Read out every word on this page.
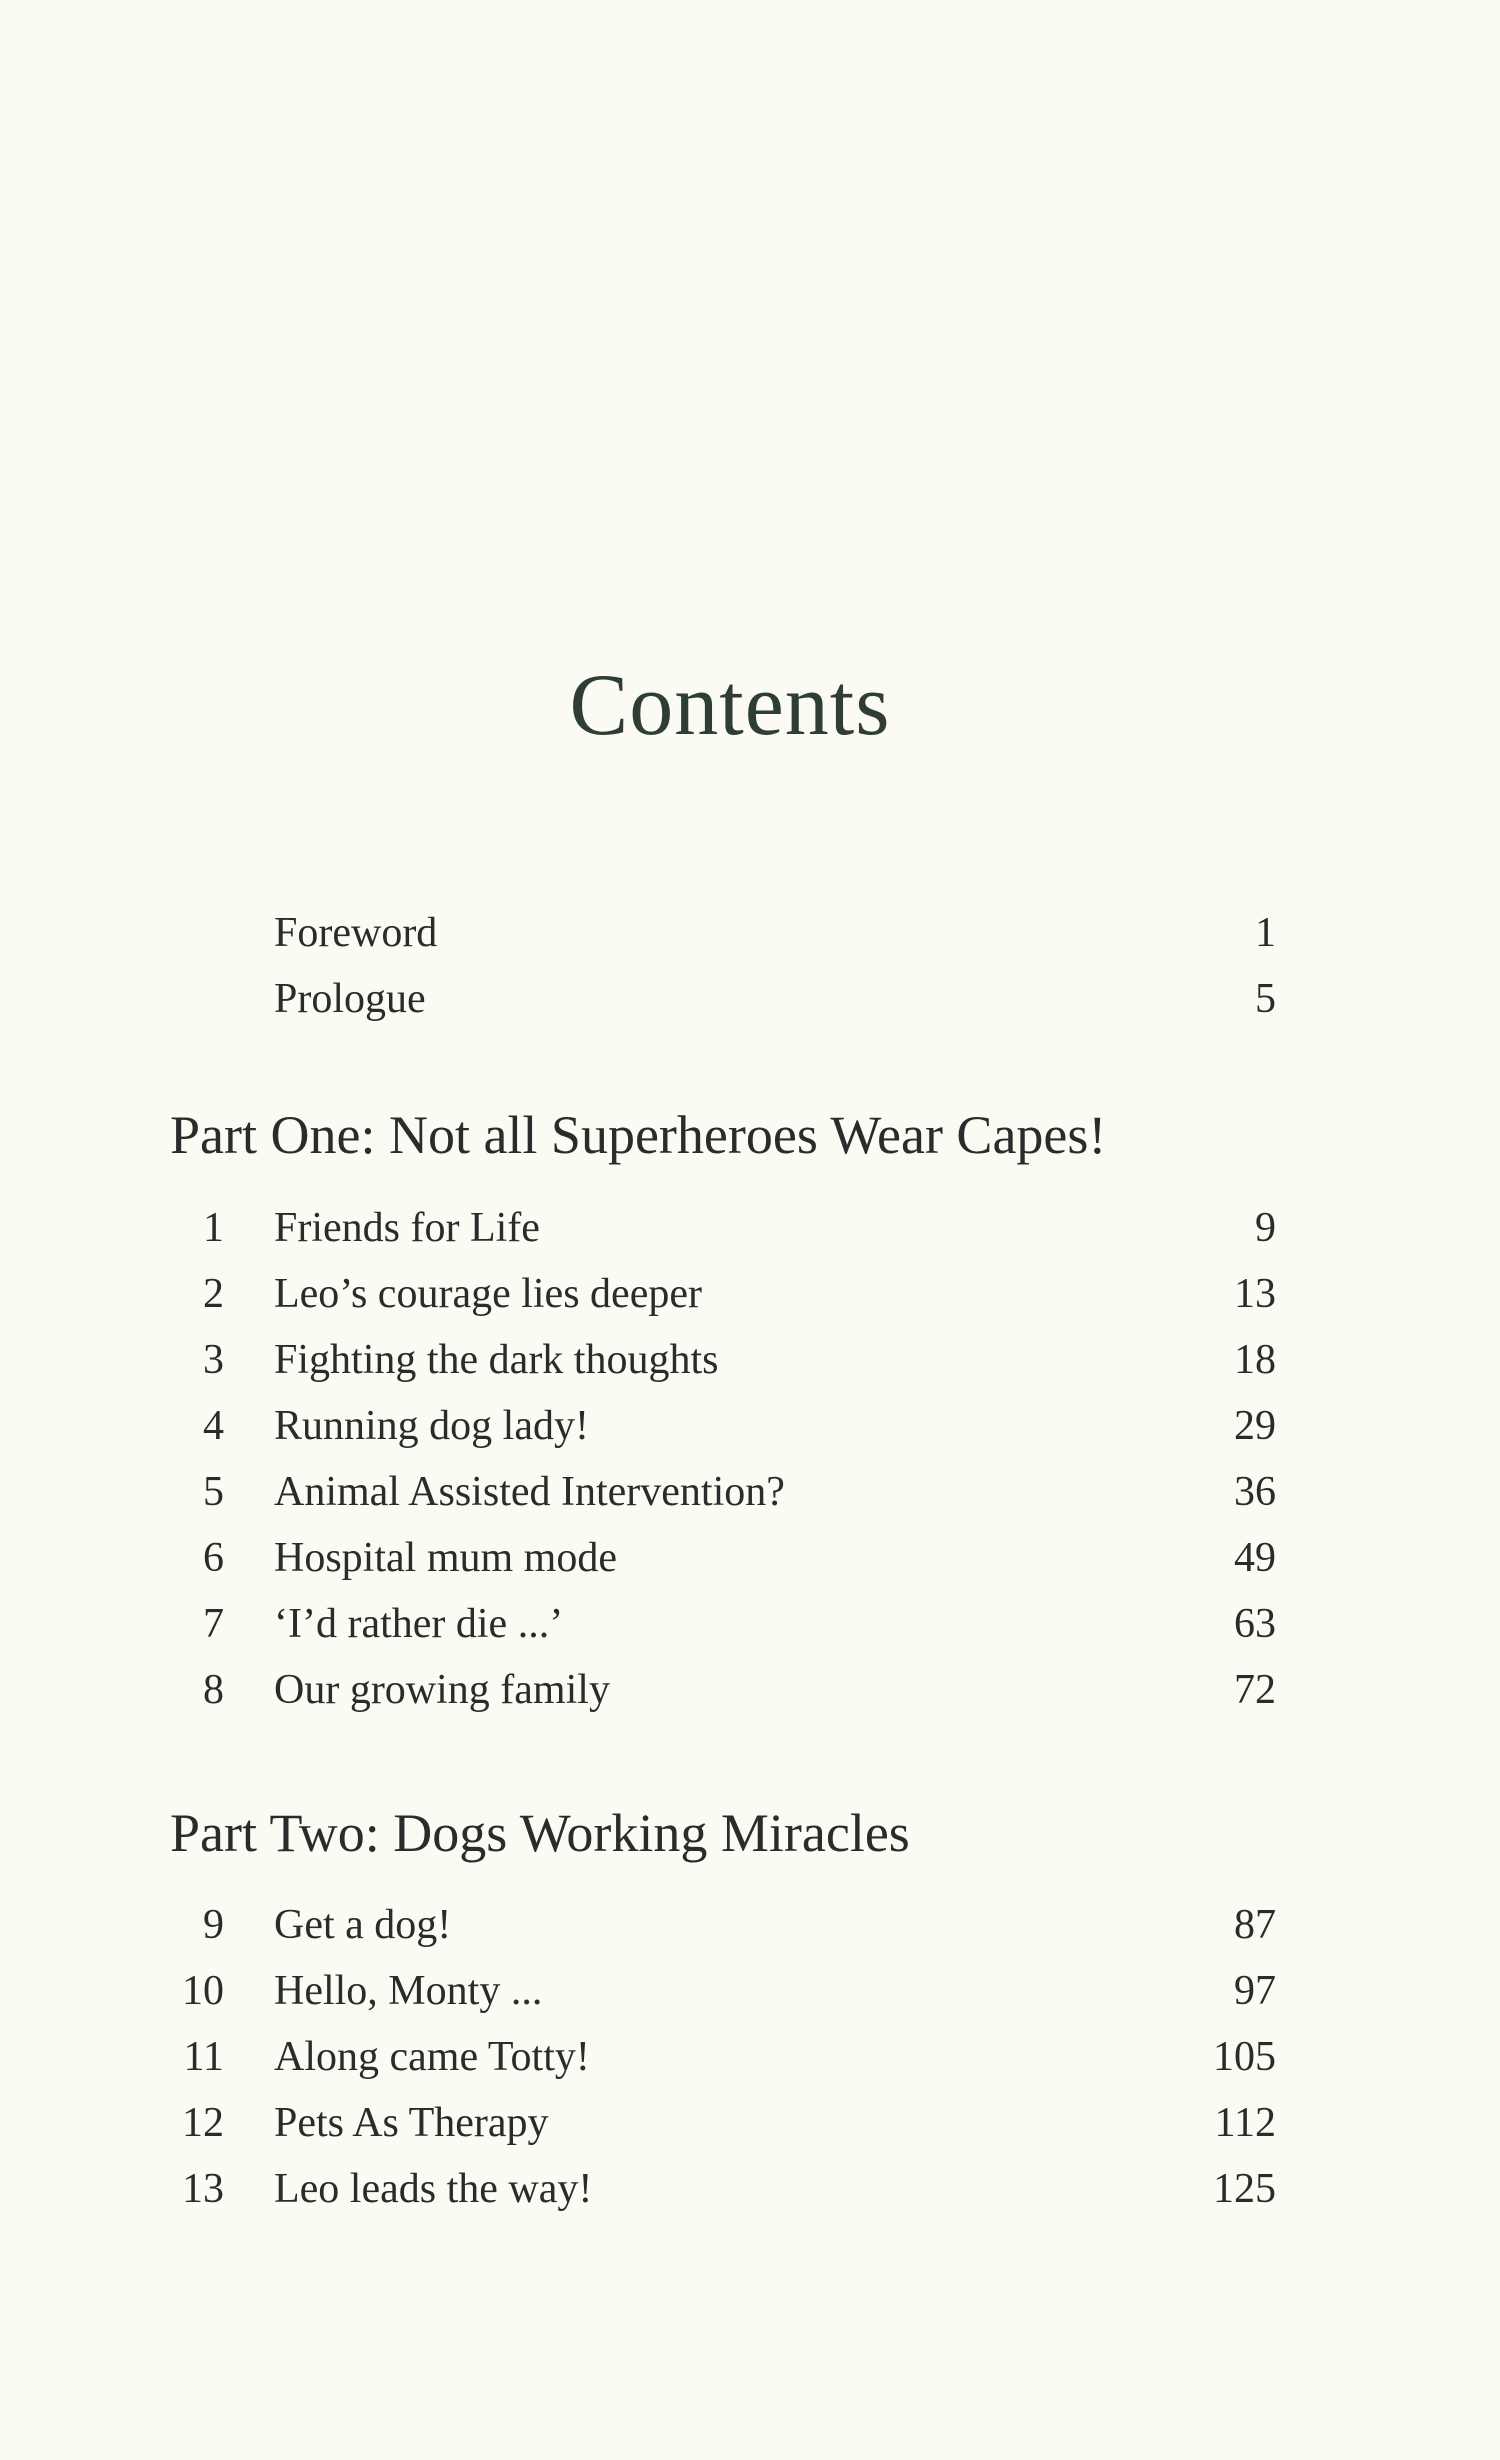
Contents
Foreword	1
Prologue	5
Part One: Not all Superheroes Wear Capes!
1 Friends for Life	9
2 Leo’s courage lies deeper	13
3 Fighting the dark thoughts	18
4 Running dog lady!	29
5 Animal Assisted Intervention?	36
6 Hospital mum mode	49
7 ‘I’d rather die ...’	63
8 Our growing family	72
Part Two: Dogs Working Miracles
9 Get a dog!	87
10 Hello, Monty ...	97
11 Along came Totty!	105
12 Pets As Therapy	112
13 Leo leads the way!	125
